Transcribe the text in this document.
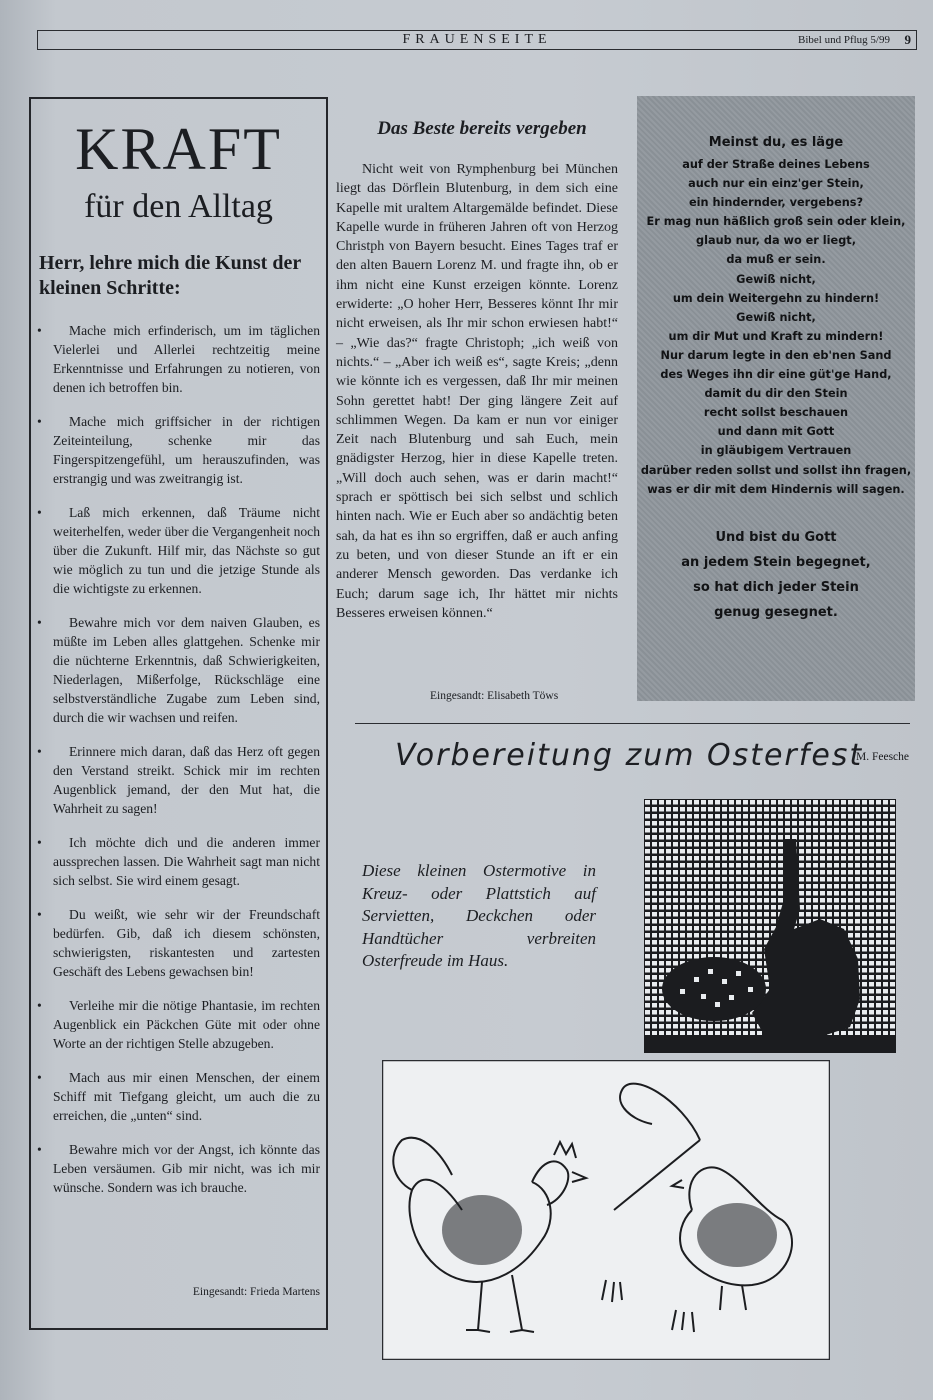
FRAUENSEITE	Bibel und Pflug 5/99 9
KRAFT
für den Alltag
Herr, lehre mich die Kunst der kleinen Schritte:
• Mache mich erfinderisch, um im täglichen Vielerlei und Allerlei rechtzeitig meine Erkenntnisse und Erfahrungen zu notieren, von denen ich betroffen bin.
• Mache mich griffsicher in der richtigen Zeiteinteilung, schenke mir das Fingerspitzengefühl, um herauszufinden, was erstrangig und was zweitrangig ist.
• Laß mich erkennen, daß Träume nicht weiterhelfen, weder über die Vergangenheit noch über die Zukunft. Hilf mir, das Nächste so gut wie möglich zu tun und die jetzige Stunde als die wichtigste zu erkennen.
• Bewahre mich vor dem naiven Glauben, es müßte im Leben alles glattgehen. Schenke mir die nüchterne Erkenntnis, daß Schwierigkeiten, Niederlagen, Mißerfolge, Rückschläge eine selbstverständliche Zugabe zum Leben sind, durch die wir wachsen und reifen.
• Erinnere mich daran, daß das Herz oft gegen den Verstand streikt. Schick mir im rechten Augenblick jemand, der den Mut hat, die Wahrheit zu sagen!
• Ich möchte dich und die anderen immer aussprechen lassen. Die Wahrheit sagt man nicht sich selbst. Sie wird einem gesagt.
• Du weißt, wie sehr wir der Freundschaft bedürfen. Gib, daß ich diesem schönsten, schwierigsten, riskantesten und zartesten Geschäft des Lebens gewachsen bin!
• Verleihe mir die nötige Phantasie, im rechten Augenblick ein Päckchen Güte mit oder ohne Worte an der richtigen Stelle abzugeben.
• Mach aus mir einen Menschen, der einem Schiff mit Tiefgang gleicht, um auch die zu erreichen, die „unten“ sind.
• Bewahre mich vor der Angst, ich könnte das Leben versäumen. Gib mir nicht, was ich mir wünsche. Sondern was ich brauche.
Eingesandt: Frieda Martens
Das Beste bereits vergeben

Nicht weit von Rymphenburg bei München liegt das Dörflein Blutenburg, in dem sich eine Kapelle mit uraltem Altargemälde befindet. Diese Kapelle wurde in früheren Jahren oft von Herzog Christph von Bayern besucht. Eines Tages traf er den alten Bauern Lorenz M. und fragte ihn, ob er ihm nicht eine Kunst erzeigen könnte. Lorenz erwiderte: „O hoher Herr, Besseres könnt Ihr mir nicht erweisen, als Ihr mir schon erwiesen habt!“ – „Wie das?“ fragte Christoph; „ich weiß von nichts.“ – „Aber ich weiß es“, sagte Kreis; „denn wie könnte ich es vergessen, daß Ihr mir meinen Sohn gerettet habt! Der ging längere Zeit auf schlimmen Wegen. Da kam er nun vor einiger Zeit nach Blutenburg und sah Euch, mein gnädigster Herzog, hier in diese Kapelle treten. „Will doch auch sehen, was er darin macht!“ sprach er spöttisch bei sich selbst und schlich hinten nach. Wie er Euch aber so andächtig beten sah, da hat es ihn so ergriffen, daß er auch anfing zu beten, und von dieser Stunde an ift er ein anderer Mensch geworden. Das verdanke ich Euch; darum sage ich, Ihr hättet mir nichts Besseres erweisen können.“

Eingesandt: Elisabeth Töws
Meinst du, es läge
auf der Straße deines Lebens
auch nur ein einz'ger Stein,
ein hindernder, vergebens?
Er mag nun häßlich groß sein oder klein,
glaub nur, da wo er liegt,
da muß er sein.
Gewiß nicht,
um dein Weitergehn zu hindern!
Gewiß nicht,
um dir Mut und Kraft zu mindern!
Nur darum legte in den eb'nen Sand
des Weges ihn dir eine güt'ge Hand,
damit du dir den Stein
recht sollst beschauen
und dann mit Gott
in gläubigem Vertrauen
darüber reden sollst und sollst ihn fragen,
was er dir mit dem Hindernis will sagen.
Und bist du Gott
an jedem Stein begegnet,
so hat dich jeder Stein
genug gesegnet.
M. Feesche
Vorbereitung zum Osterfest
Diese kleinen Ostermotive in Kreuz- oder Plattstich auf Servietten, Deckchen oder Handtücher verbreiten Osterfreude im Haus.
